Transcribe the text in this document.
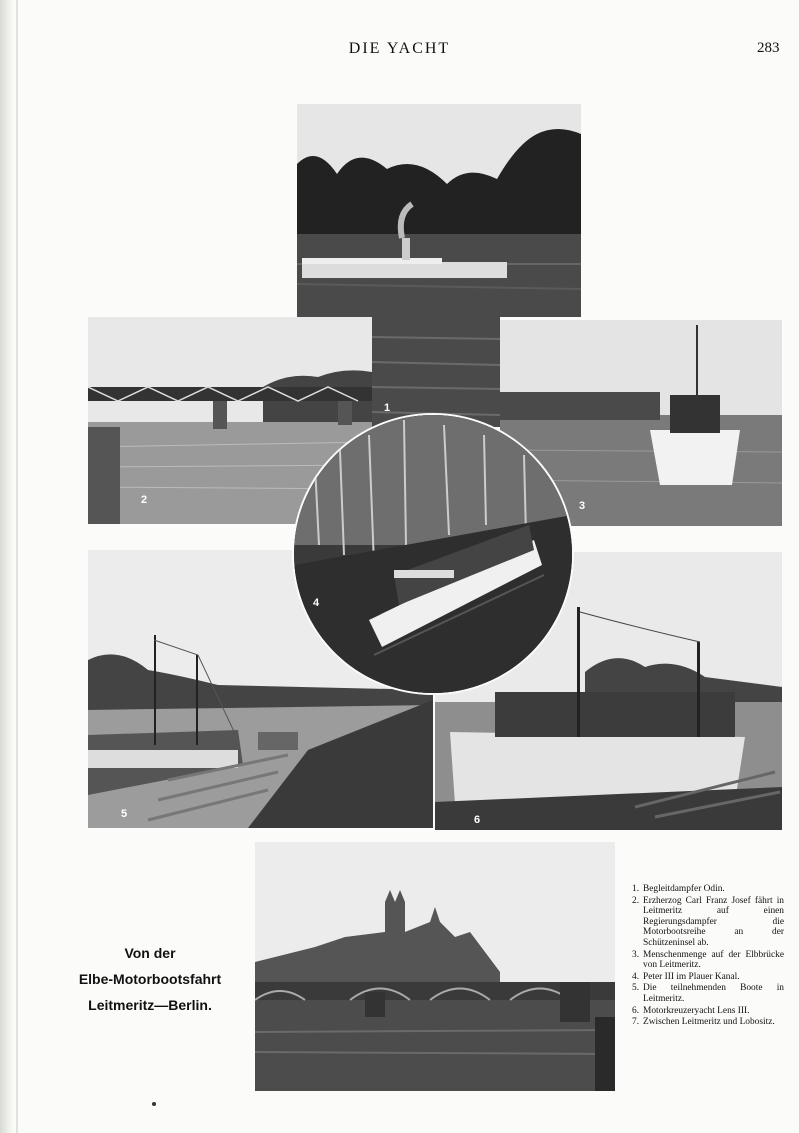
DIE YACHT	283
2	3
5	6
1
4
Von der
Elbe-Motorbootsfahrt
Leitmeritz—Berlin.
1. Begleitdampfer Odin.
2. Erzherzog Carl Franz Josef fährt in Leitmeritz auf einen Regierungsdampfer die Motorbootsreihe an der Schützeninsel ab.
3. Menschenmenge auf der Elbbrücke von Leitmeritz.
4. Peter III im Plauer Kanal.
5. Die teilnehmenden Boote in Leitmeritz.
6. Motorkreuzeryacht Lens III.
7. Zwischen Leitmeritz und Lobositz.
